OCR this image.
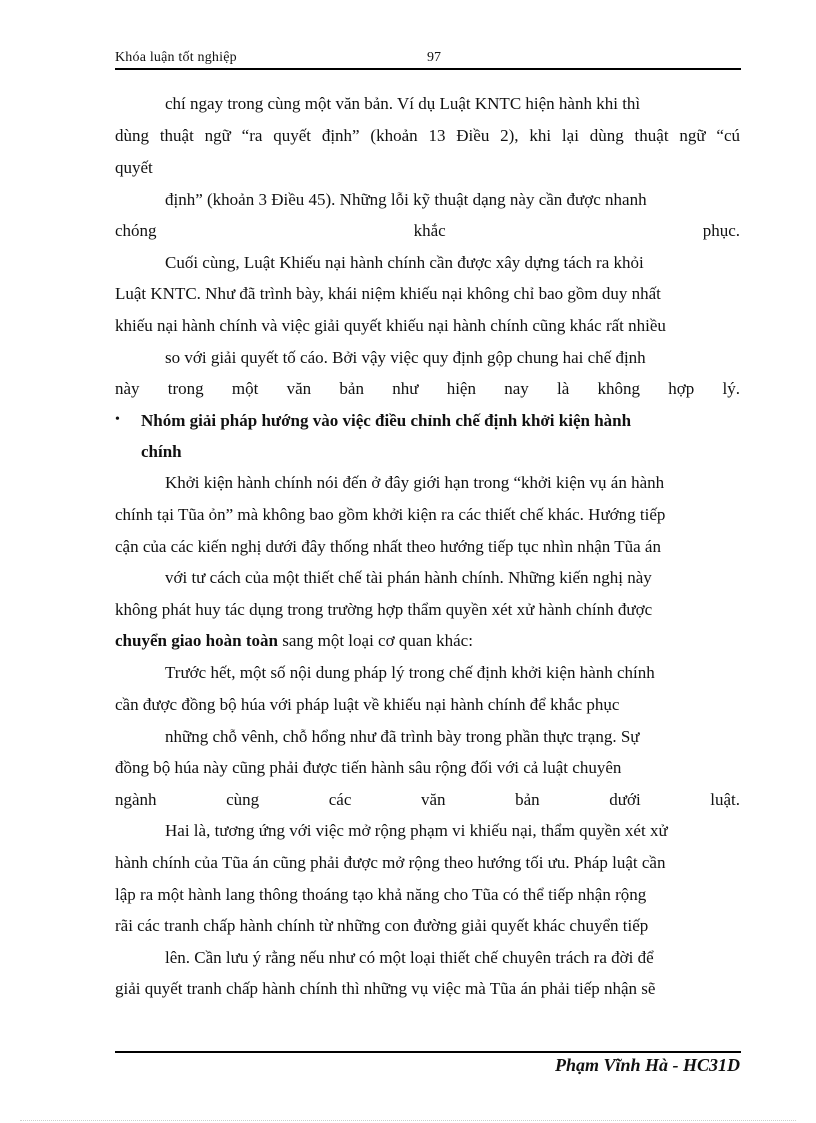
Khóa luận tốt nghiệp	97
chí ngay trong cùng một văn bản. Ví dụ Luật KNTC hiện hành khi thì
dùng thuật ngữ “ra quyết định” (khoản 13 Điều 2), khi lại dùng thuật ngữ “cú
quyết
định” (khoản 3 Điều 45). Những lỗi kỹ thuật dạng này cần được nhanh
chóng khắc phục.
Cuối cùng, Luật Khiếu nại hành chính cần được xây dựng tách ra khỏi
Luật KNTC. Như đã trình bày, khái niệm khiếu nại không chỉ bao gồm duy nhất
khiếu nại hành chính và việc giải quyết khiếu nại hành chính cũng khác rất nhiều
so với giải quyết tố cáo. Bởi vậy việc quy định gộp chung hai chế định
này trong một văn bản như hiện nay là không hợp lý.
• Nhóm giải pháp hướng vào việc điều chỉnh chế định khởi kiện hành
chính
Khởi kiện hành chính nói đến ở đây giới hạn trong “khởi kiện vụ án hành
chính tại Tũa ỏn” mà không bao gồm khởi kiện ra các thiết chế khác. Hướng tiếp
cận của các kiến nghị dưới đây thống nhất theo hướng tiếp tục nhìn nhận Tũa án
với tư cách của một thiết chế tài phán hành chính. Những kiến nghị này
không phát huy tác dụng trong trường hợp thẩm quyền xét xử hành chính được
chuyển giao hoàn toàn sang một loại cơ quan khác:
Trước hết, một số nội dung pháp lý trong chế định khởi kiện hành chính
cần được đồng bộ húa với pháp luật về khiếu nại hành chính để khắc phục
những chỗ vênh, chỗ hổng như đã trình bày trong phần thực trạng. Sự
đồng bộ húa này cũng phải được tiến hành sâu rộng đối với cả luật chuyên
ngành cùng các văn bản dưới luật.
Hai là, tương ứng với việc mở rộng phạm vi khiếu nại, thẩm quyền xét xử
hành chính của Tũa án cũng phải được mở rộng theo hướng tối ưu. Pháp luật cần
lập ra một hành lang thông thoáng tạo khả năng cho Tũa có thể tiếp nhận rộng
rãi các tranh chấp hành chính từ những con đường giải quyết khác chuyển tiếp
lên. Cần lưu ý rằng nếu như có một loại thiết chế chuyên trách ra đời để
giải quyết tranh chấp hành chính thì những vụ việc mà Tũa án phải tiếp nhận sẽ
Phạm Vĩnh Hà - HC31D
